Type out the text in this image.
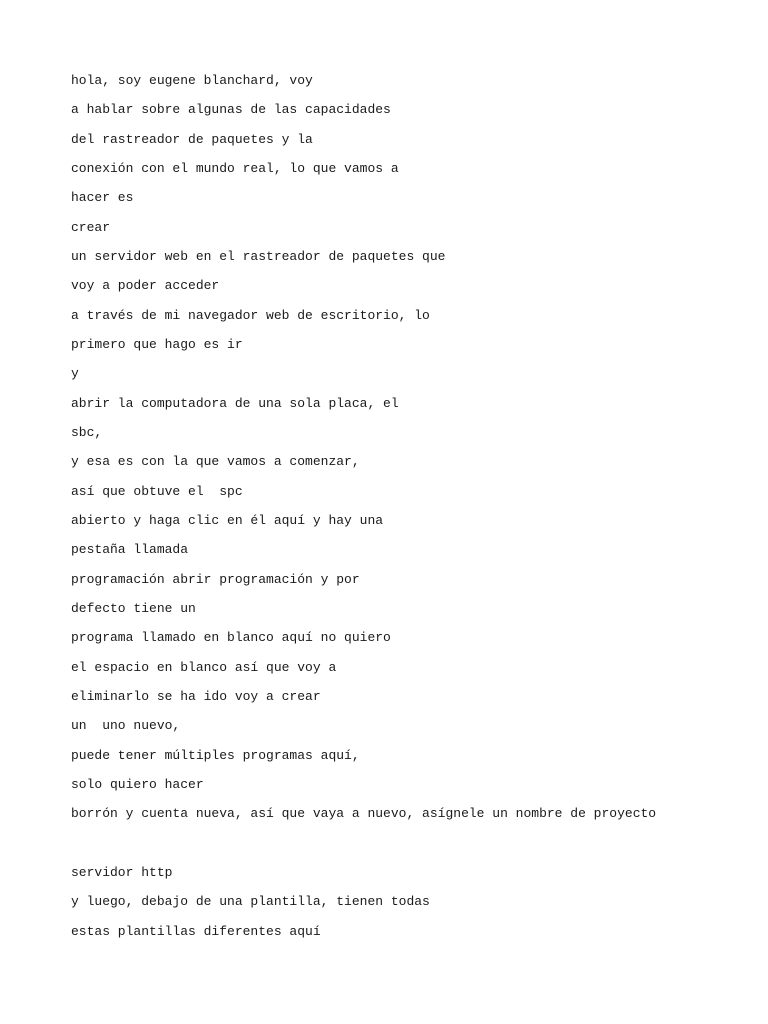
hola, soy eugene blanchard, voy
a hablar sobre algunas de las capacidades
del rastreador de paquetes y la
conexión con el mundo real, lo que vamos a
hacer es
crear
un servidor web en el rastreador de paquetes que
voy a poder acceder
a través de mi navegador web de escritorio, lo
primero que hago es ir
y
abrir la computadora de una sola placa, el
sbc,
y esa es con la que vamos a comenzar,
así que obtuve el  spc
abierto y haga clic en él aquí y hay una
pestaña llamada
programación abrir programación y por
defecto tiene un
programa llamado en blanco aquí no quiero
el espacio en blanco así que voy a
eliminarlo se ha ido voy a crear
un  uno nuevo,
puede tener múltiples programas aquí,
solo quiero hacer
borrón y cuenta nueva, así que vaya a nuevo, asígnele un nombre de proyecto
servidor http
y luego, debajo de una plantilla, tienen todas
estas plantillas diferentes aquí
